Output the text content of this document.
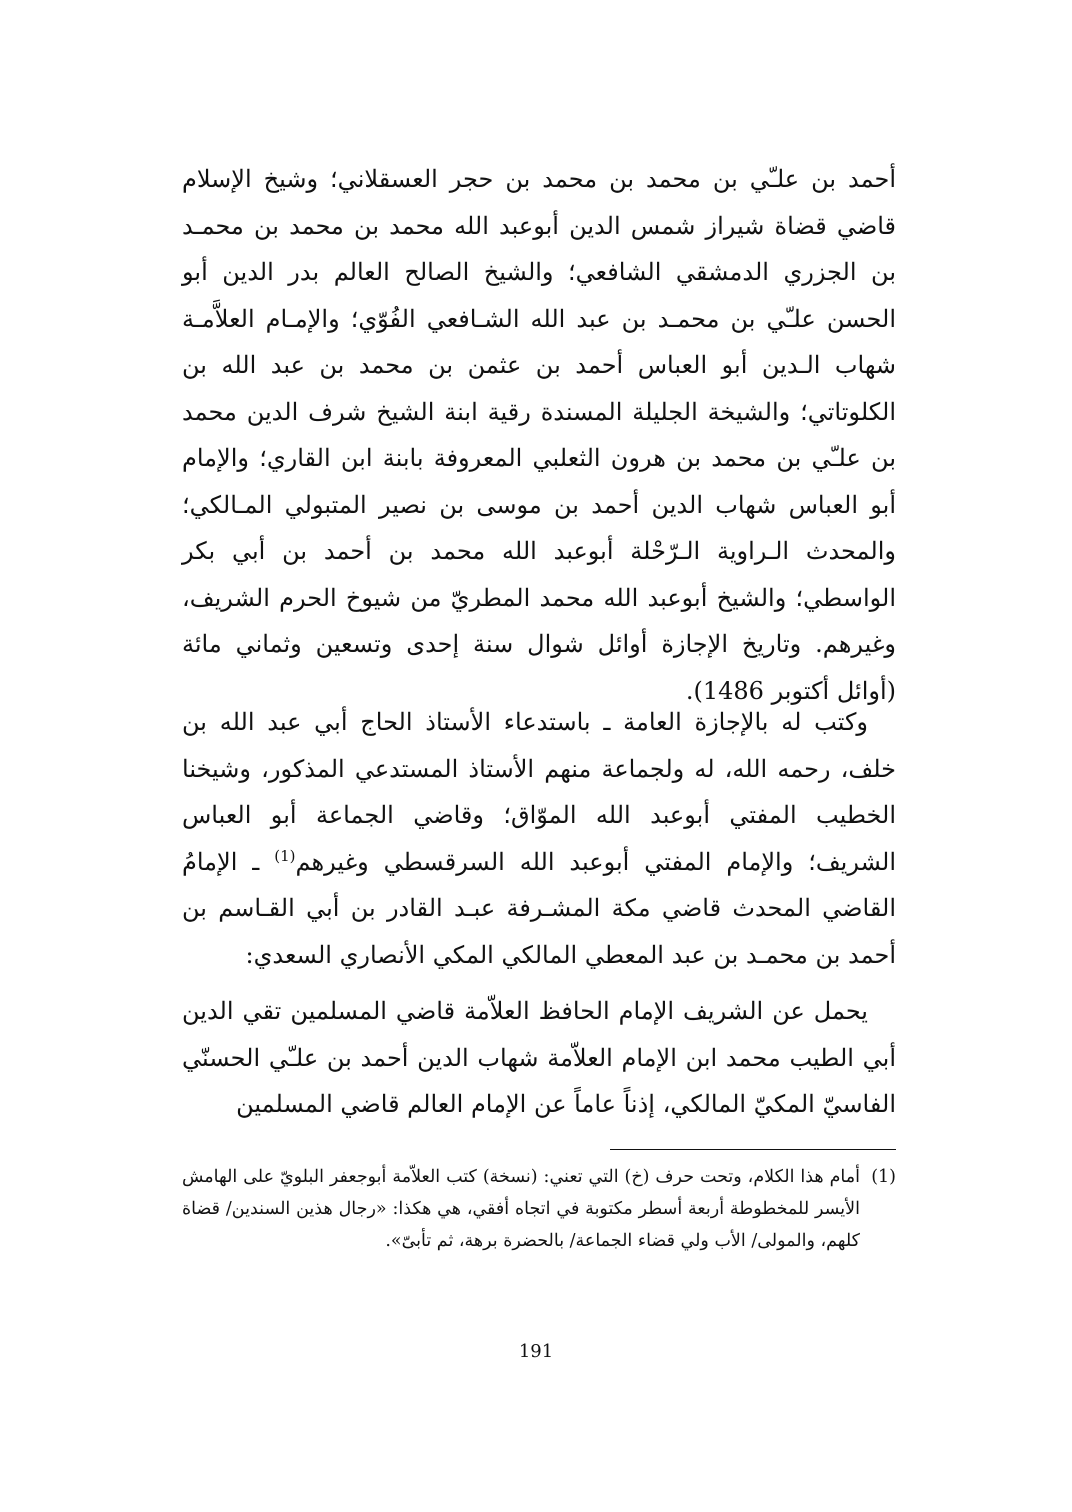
أحمد بن علـّي بن محمد بن محمد بن حجر العسقلاني؛ وشيخ الإسلام قاضي قضاة شيراز شمس الدين أبوعبد الله محمد بن محمد بن محمـد بن الجزري الدمشقي الشافعي؛ والشيخ الصالح العالم بدر الدين أبو الحسن علـّي بن محمـد بن عبد الله الشـافعي الفُوّي؛ والإمـام العلاَّمـة شهاب الـدين أبو العباس أحمد بن عثمن بن محمد بن عبد الله بن الكلوتاتي؛ والشيخة الجليلة المسندة رقية ابنة الشيخ شرف الدين محمد بن علـّي بن محمد بن هرون الثعلبي المعروفة بابنة ابن القاري؛ والإمام أبو العباس شهاب الدين أحمد بن موسى بن نصير المتبولي المـالكي؛ والمحدث الـراوية الـرّحْلة أبوعبد الله محمد بن أحمد بن أبي بكر الواسطي؛ والشيخ أبوعبد الله محمد المطريّ من شيوخ الحرم الشريف، وغيرهم. وتاريخ الإجازة أوائل شوال سنة إحدى وتسعين وثماني مائة (أوائل أكتوبر 1486).

وكتب له بالإجازة العامة ـ باستدعاء الأستاذ الحاج أبي عبد الله بن خلف، رحمه الله، له ولجماعة منهم الأستاذ المستدعي المذكور، وشيخنا الخطيب المفتي أبوعبد الله الموّاق؛ وقاضي الجماعة أبو العباس الشريف؛ والإمام المفتي أبوعبد الله السرقسطي وغيرهم$^{(1)}$ ـ الإمامُ القاضي المحدث قاضي مكة المشـرفة عبـد القادر بن أبي القـاسم بن أحمد بن محمـد بن عبد المعطي المالكي المكي الأنصاري السعدي:

يحمل عن الشريف الإمام الحافظ العلاّمة قاضي المسلمين تقي الدين أبي الطيب محمد ابن الإمام العلاّمة شهاب الدين أحمد بن علـّي الحسنّي الفاسيّ المكيّ المالكي، إذناً عاماً عن الإمام العالم قاضي المسلمين

(1)
أمام هذا الكلام، وتحت حرف (خ) التي تعني: (نسخة) كتب العلاّمة أبوجعفر البلويّ على الهامش الأيسر للمخطوطة أربعة أسطر مكتوبة في اتجاه أفقي، هي هكذا: «رجال هذين السندين/ قضاة كلهم، والمولى/ الأب ولي قضاء الجماعة/ بالحضرة برهة، ثم تأبىّ».
191
